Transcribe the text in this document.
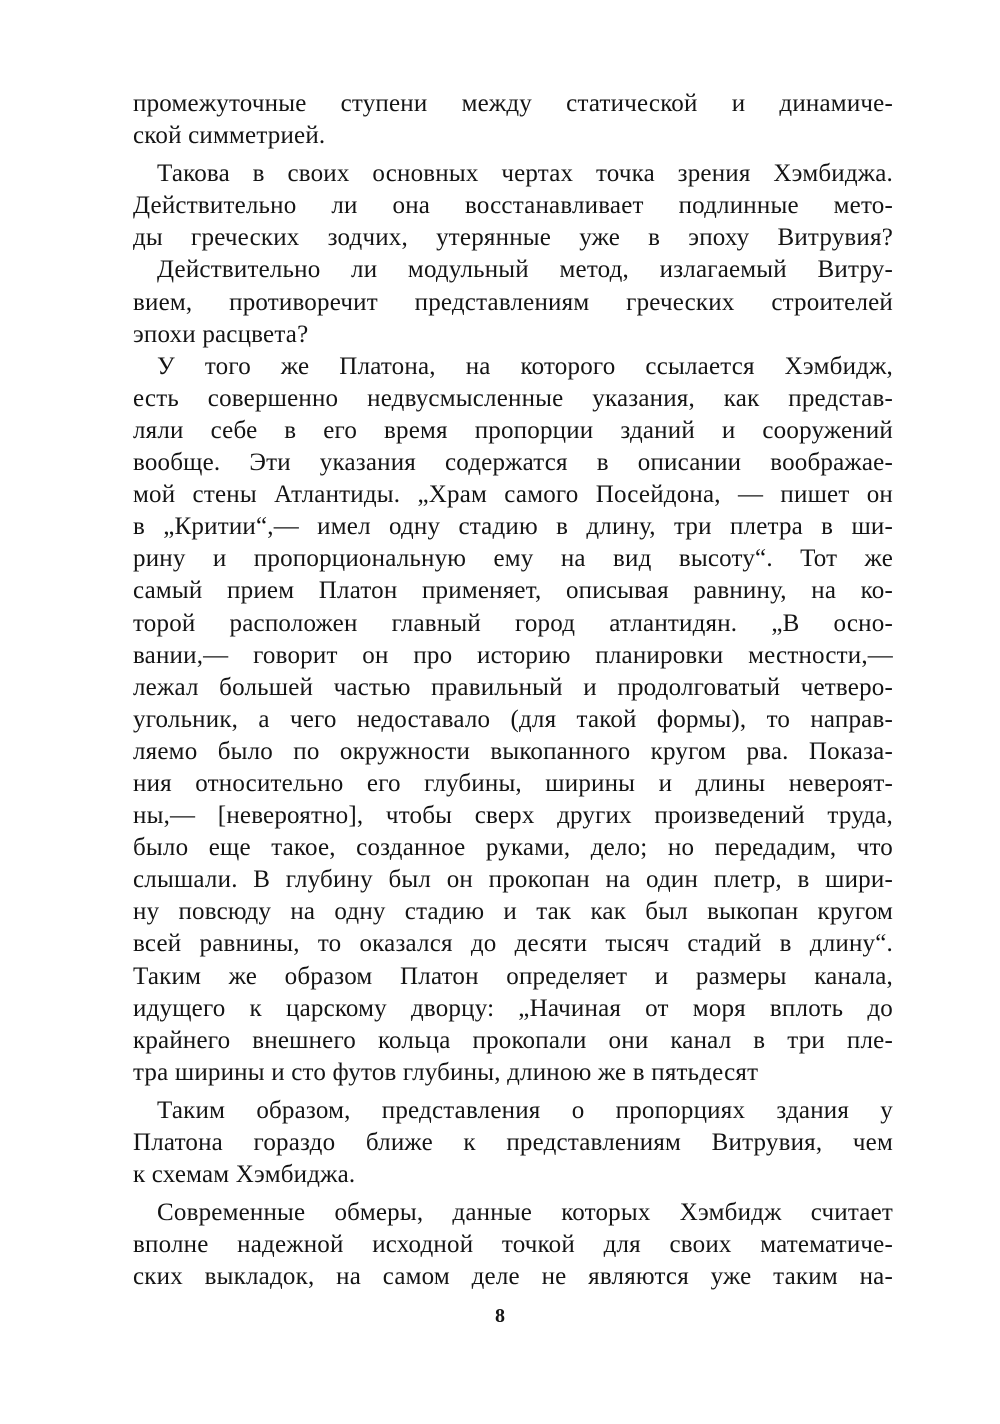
промежуточные ступени между статической и динамиче-
ской симметрией.
Такова в своих основных чертах точка зрения Хэмбиджа.
Действительно ли она восстанавливает подлинные мето-
ды греческих зодчих, утерянные уже в эпоху Витрувия?
Действительно ли модульный метод, излагаемый Витру-
вием, противоречит представлениям греческих строителей
эпохи расцвета?
У того же Платона, на которого ссылается Хэмбидж,
есть совершенно недвусмысленные указания, как представ-
ляли себе в его время пропорции зданий и сооружений
вообще. Эти указания содержатся в описании воображае-
мой стены Атлантиды. „Храм самого Посейдона, — пишет он
в „Критии“,— имел одну стадию в длину, три плетра в ши-
рину и пропорциональную ему на вид высоту“. Тот же
самый прием Платон применяет, описывая равнину, на ко-
торой расположен главный город атлантидян. „В осно-
вании,— говорит он про историю планировки местности,—
лежал большей частью правильный и продолговатый четверо-
угольник, а чего недоставало (для такой формы), то направ-
ляемо было по окружности выкопанного кругом рва. Показа-
ния относительно его глубины, ширины и длины невероят-
ны,— [невероятно], чтобы сверх других произведений труда,
было еще такое, созданное руками, дело; но передадим, что
слышали. В глубину был он прокопан на один плетр, в шири-
ну повсюду на одну стадию и так как был выкопан кругом
всей равнины, то оказался до десяти тысяч стадий в длину“.
Таким же образом Платон определяет и размеры канала,
идущего к царскому дворцу: „Начиная от моря вплоть до
крайнего внешнего кольца прокопали они канал в три пле-
тра ширины и сто футов глубины, длиною же в пятьдесят
Таким образом, представления о пропорциях здания у
Платона гораздо ближе к представлениям Витрувия, чем
к схемам Хэмбиджа.
Современные обмеры, данные которых Хэмбидж считает
вполне надежной исходной точкой для своих математиче-
ских выкладок, на самом деле не являются уже таким на-
8
